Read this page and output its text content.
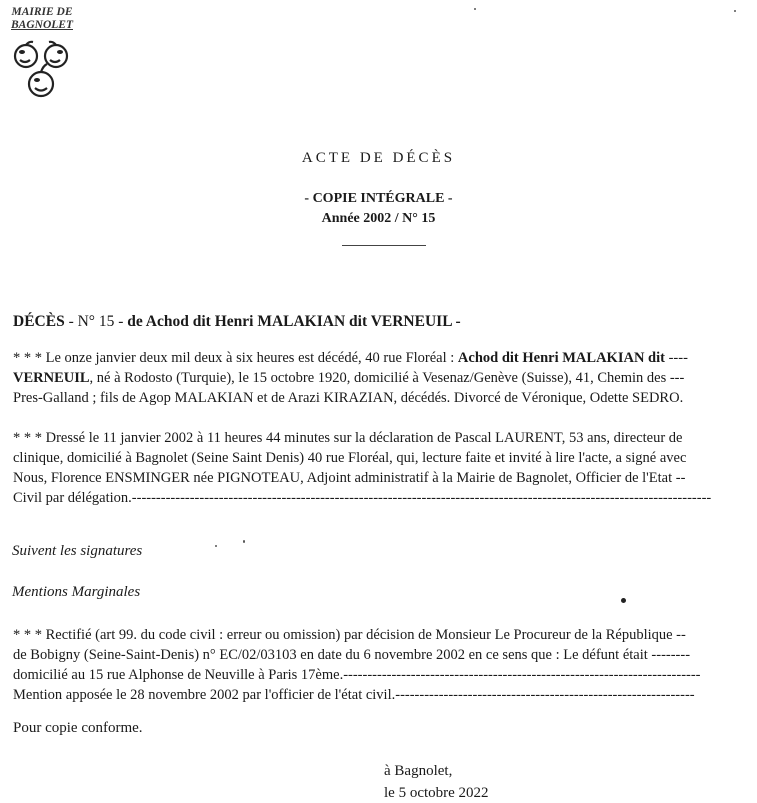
MAIRIE DE
BAGNOLET
ACTE DE DÉCÈS
- COPIE INTÉGRALE -
Année 2002 / N° 15
DÉCÈS - N° 15 - de Achod dit Henri MALAKIAN dit VERNEUIL -
* * * Le onze janvier deux mil deux à six heures est décédé, 40 rue Floréal : Achod dit Henri MALAKIAN dit ----
VERNEUIL, né à Rodosto (Turquie), le 15 octobre 1920, domicilié à Vesenaz/Genève (Suisse), 41, Chemin des ---
Pres-Galland ; fils de Agop MALAKIAN et de Arazi KIRAZIAN, décédés. Divorcé de Véronique, Odette SEDRO.
* * * Dressé le 11 janvier 2002 à 11 heures 44 minutes sur la déclaration de Pascal LAURENT, 53 ans, directeur de
clinique, domicilié à Bagnolet (Seine Saint Denis) 40 rue Floréal, qui, lecture faite et invité à lire l'acte, a signé avec
Nous, Florence ENSMINGER née PIGNOTEAU, Adjoint administratif à la Mairie de Bagnolet, Officier de l'Etat --
Civil par délégation.------------------------------------------------------------------------------------------------------------------------
Suivent les signatures
Mentions Marginales
* * * Rectifié (art 99. du code civil : erreur ou omission) par décision de Monsieur Le Procureur de la République --
de Bobigny (Seine-Saint-Denis) n° EC/02/03103 en date du 6 novembre 2002 en ce sens que : Le défunt était --------
domicilié au 15 rue Alphonse de Neuville à Paris 17ème.--------------------------------------------------------------------------
Mention apposée le 28 novembre 2002 par l'officier de l'état civil.--------------------------------------------------------------
Pour copie conforme.
à Bagnolet,
le 5 octobre 2022
